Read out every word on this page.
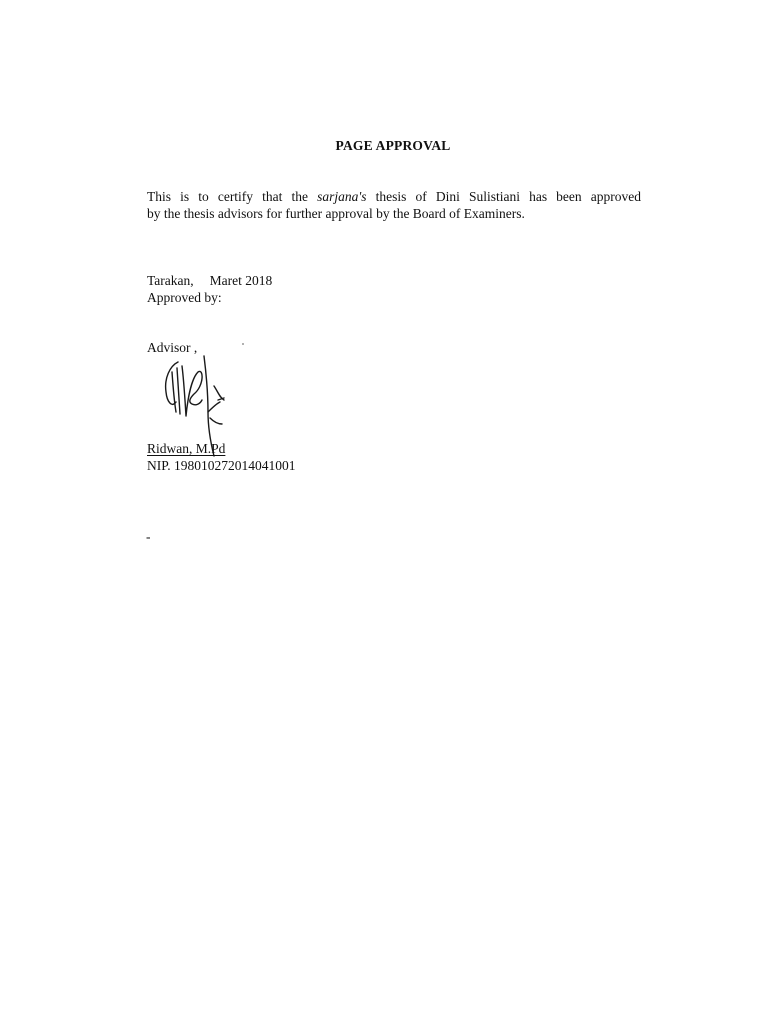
PAGE APPROVAL
This is to certify that the sarjana's thesis of Dini Sulistiani has been approved
by the thesis advisors for further approval by the Board of Examiners.
Tarakan, Maret 2018
Approved by:
Advisor ,
Ridwan, M.Pd
NIP. 198010272014041001
-
